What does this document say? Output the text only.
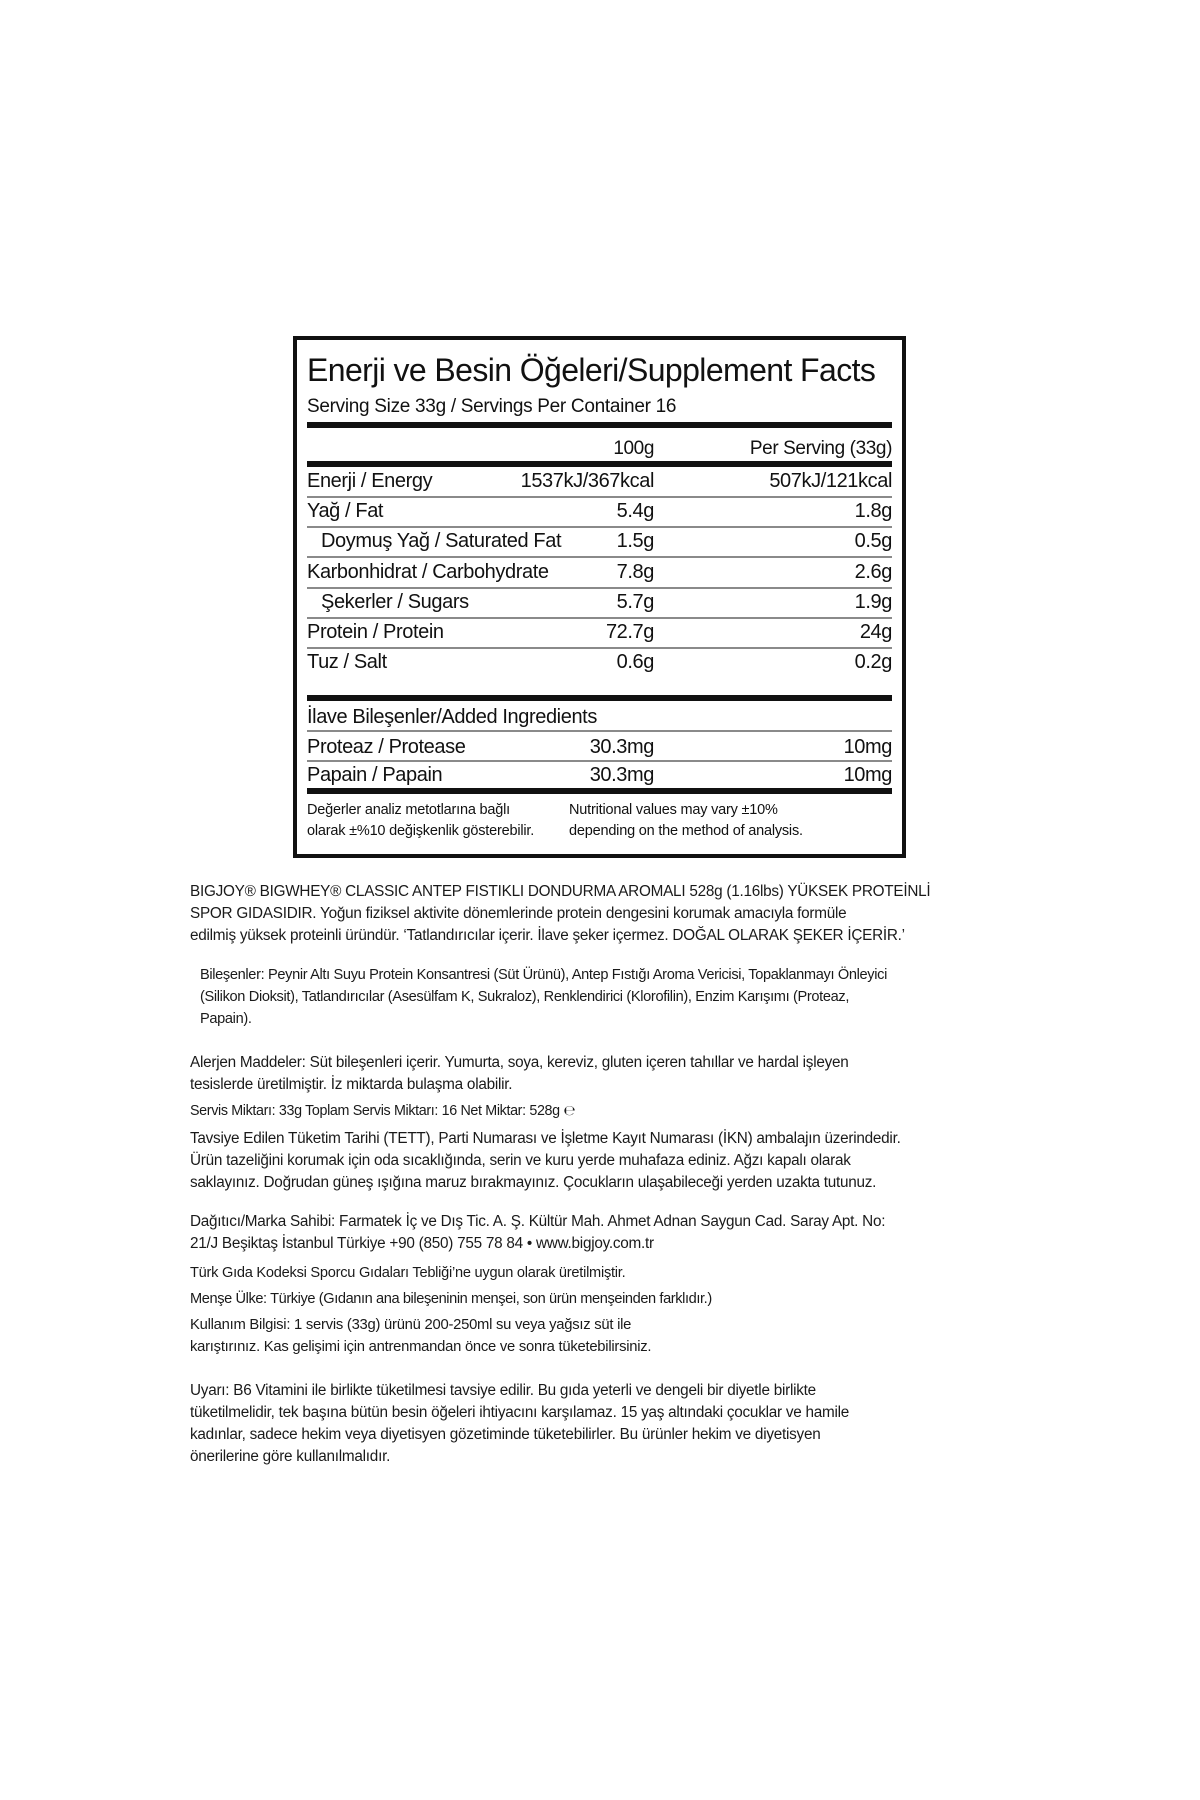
Enerji ve Besin Öğeleri/Supplement Facts
Serving Size 33g / Servings Per Container 16
100g	Per Serving (33g)
Enerji / Energy	1537kJ/367kcal	507kJ/121kcal
Yağ / Fat	5.4g	1.8g
Doymuş Yağ / Saturated Fat	1.5g	0.5g
Karbonhidrat / Carbohydrate	7.8g	2.6g
Şekerler / Sugars	5.7g	1.9g
Protein / Protein	72.7g	24g
Tuz / Salt	0.6g	0.2g
İlave Bileşenler/Added Ingredients
Proteaz / Protease	30.3mg	10mg
Papain / Papain	30.3mg	10mg
Değerler analiz metotlarına bağlı
olarak ±%10 değişkenlik gösterebilir.
Nutritional values may vary ±10%
depending on the method of analysis.

BIGJOY® BIGWHEY® CLASSIC ANTEP FISTIKLI DONDURMA AROMALI 528g (1.16lbs) YÜKSEK PROTEİNLİ

SPOR GIDASIDIR. Yoğun fiziksel aktivite dönemlerinde protein dengesini korumak amacıyla formüle

edilmiş yüksek proteinli üründür. ‘Tatlandırıcılar içerir. İlave şeker içermez. DOĞAL OLARAK ŞEKER İÇERİR.’

Bileşenler: Peynir Altı Suyu Protein Konsantresi (Süt Ürünü), Antep Fıstığı Aroma Vericisi, Topaklanmayı Önleyici

(Silikon Dioksit), Tatlandırıcılar (Asesülfam K, Sukraloz), Renklendirici (Klorofilin), Enzim Karışımı (Proteaz,

Papain).

Alerjen Maddeler: Süt bileşenleri içerir. Yumurta, soya, kereviz, gluten içeren tahıllar ve hardal işleyen

tesislerde üretilmiştir. İz miktarda bulaşma olabilir.

Servis Miktarı: 33g Toplam Servis Miktarı: 16 Net Miktar: 528g ℮

Tavsiye Edilen Tüketim Tarihi (TETT), Parti Numarası ve İşletme Kayıt Numarası (İKN) ambalajın üzerindedir.

Ürün tazeliğini korumak için oda sıcaklığında, serin ve kuru yerde muhafaza ediniz. Ağzı kapalı olarak

saklayınız. Doğrudan güneş ışığına maruz bırakmayınız. Çocukların ulaşabileceği yerden uzakta tutunuz.

Dağıtıcı/Marka Sahibi: Farmatek İç ve Dış Tic. A. Ş. Kültür Mah. Ahmet Adnan Saygun Cad. Saray Apt. No:

21/J Beşiktaş İstanbul Türkiye +90 (850) 755 78 84 • www.bigjoy.com.tr

Türk Gıda Kodeksi Sporcu Gıdaları Tebliği’ne uygun olarak üretilmiştir.

Menşe Ülke: Türkiye (Gıdanın ana bileşeninin menşei, son ürün menşeinden farklıdır.)

Kullanım Bilgisi: 1 servis (33g) ürünü 200-250ml su veya yağsız süt ile

karıştırınız. Kas gelişimi için antrenmandan önce ve sonra tüketebilirsiniz.

Uyarı: B6 Vitamini ile birlikte tüketilmesi tavsiye edilir. Bu gıda yeterli ve dengeli bir diyetle birlikte

tüketilmelidir, tek başına bütün besin öğeleri ihtiyacını karşılamaz. 15 yaş altındaki çocuklar ve hamile

kadınlar, sadece hekim veya diyetisyen gözetiminde tüketebilirler. Bu ürünler hekim ve diyetisyen

önerilerine göre kullanılmalıdır.
